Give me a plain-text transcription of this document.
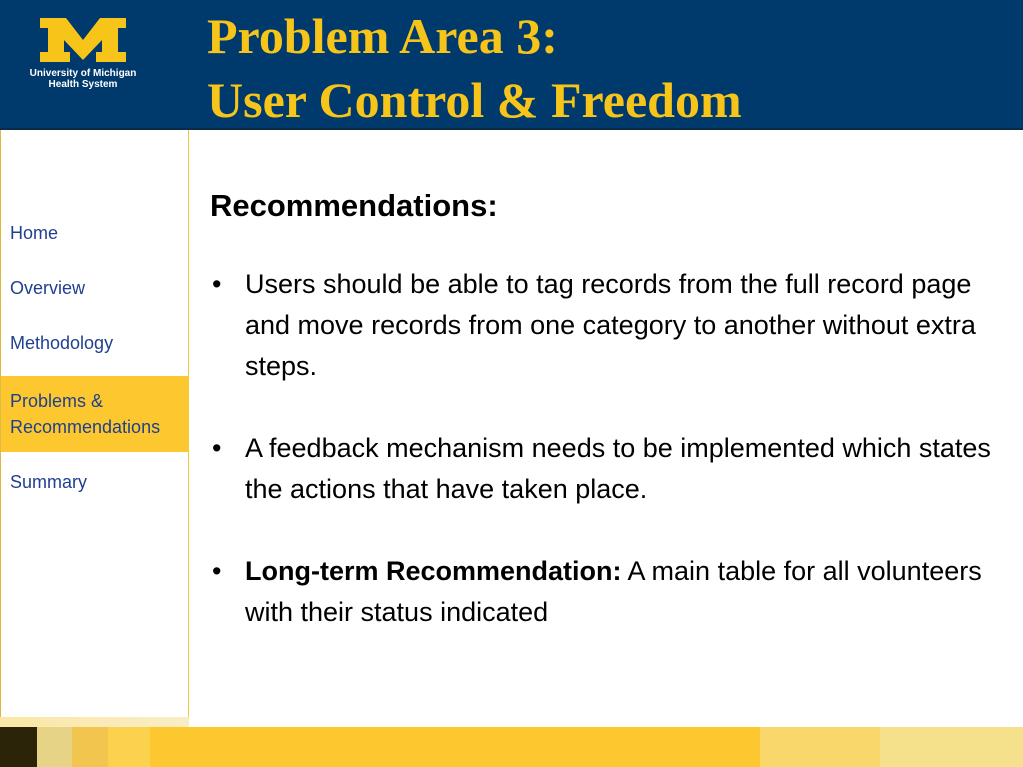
University of Michigan
Health System
Problem Area 3:
User Control & Freedom
Home
Overview
Methodology
Problems &
Recommendations
Summary
Recommendations:
• Users should be able to tag records from the full record page and move records from one category to another without extra steps.
• A feedback mechanism needs to be implemented which states the actions that have taken place.
• Long-term Recommendation: A main table for all volunteers with their status indicated
